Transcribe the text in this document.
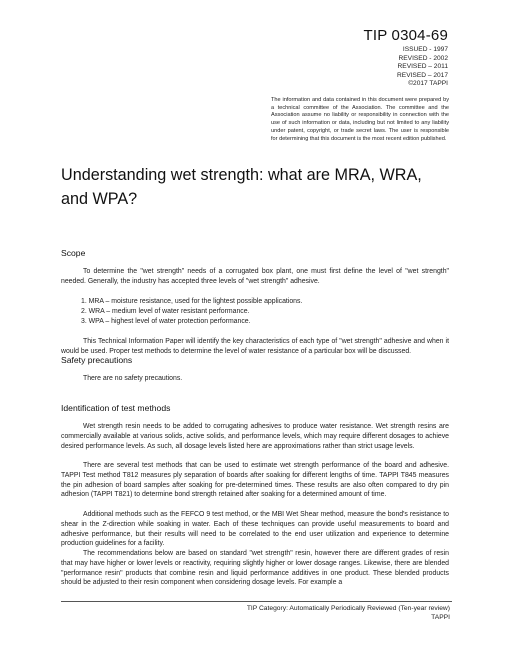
TIP 0304-69
ISSUED - 1997
REVISED - 2002
REVISED – 2011
REVISED – 2017
©2017 TAPPI
The information and data contained in this document were prepared by a technical committee of the Association. The committee and the Association assume no liability or responsibility in connection with the use of such information or data, including but not limited to any liability under patent, copyright, or trade secret laws. The user is responsible for determining that this document is the most recent edition published.
Understanding wet strength: what are MRA, WRA, and WPA?
Scope

To determine the "wet strength" needs of a corrugated box plant, one must first define the level of "wet strength" needed. Generally, the industry has accepted three levels of "wet strength" adhesive.

1. MRA – moisture resistance, used for the lightest possible applications.
2. WRA – medium level of water resistant performance.
3. WPA – highest level of water protection performance.

This Technical Information Paper will identify the key characteristics of each type of "wet strength" adhesive and when it would be used. Proper test methods to determine the level of water resistance of a particular box will be discussed.

Safety precautions

There are no safety precautions.

Identification of test methods

Wet strength resin needs to be added to corrugating adhesives to produce water resistance. Wet strength resins are commercially available at various solids, active solids, and performance levels, which may require different dosages to achieve desired performance levels. As such, all dosage levels listed here are approximations rather than strict usage levels.

There are several test methods that can be used to estimate wet strength performance of the board and adhesive. TAPPI Test method T812 measures ply separation of boards after soaking for different lengths of time. TAPPI T845 measures the pin adhesion of board samples after soaking for pre-determined times. These results are also often compared to dry pin adhesion (TAPPI T821) to determine bond strength retained after soaking for a determined amount of time.

Additional methods such as the FEFCO 9 test method, or the MBI Wet Shear method, measure the bond's resistance to shear in the Z-direction while soaking in water. Each of these techniques can provide useful measurements to board and adhesive performance, but their results will need to be correlated to the end user utilization and experience to determine production guidelines for a facility.

The recommendations below are based on standard "wet strength" resin, however there are different grades of resin that may have higher or lower levels or reactivity, requiring slightly higher or lower dosage ranges. Likewise, there are blended "performance resin" products that combine resin and liquid performance additives in one product. These blended products should be adjusted to their resin component when considering dosage levels. For example a

TIP Category: Automatically Periodically Reviewed (Ten-year review)
TAPPI
